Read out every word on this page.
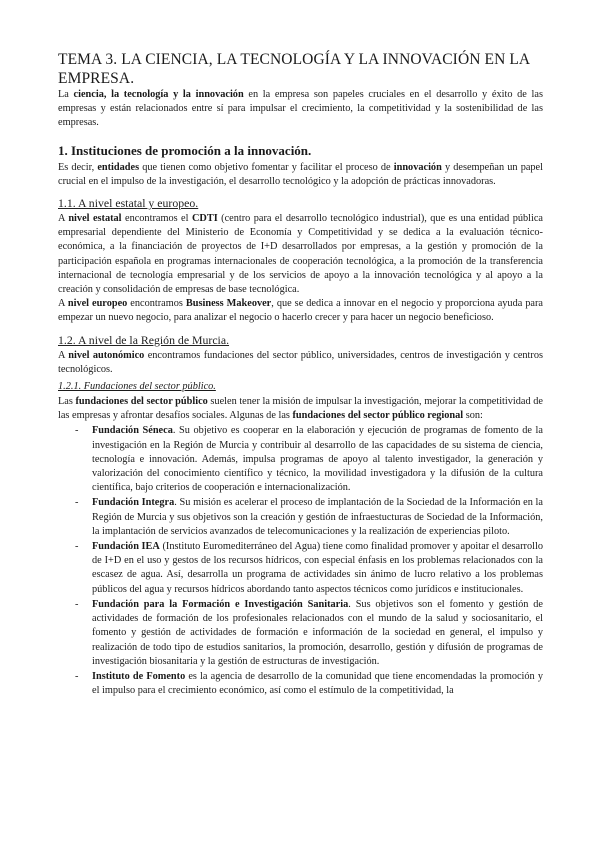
TEMA 3. LA CIENCIA, LA TECNOLOGÍA Y LA INNOVACIÓN EN LA EMPRESA.

La ciencia, la tecnología y la innovación en la empresa son papeles cruciales en el desarrollo y éxito de las empresas y están relacionados entre sí para impulsar el crecimiento, la competitividad y la sostenibilidad de las empresas.

1. Instituciones de promoción a la innovación.

Es decir, entidades que tienen como objetivo fomentar y facilitar el proceso de innovación y desempeñan un papel crucial en el impulso de la investigación, el desarrollo tecnológico y la adopción de prácticas innovadoras.

1.1. A nivel estatal y europeo.

A nivel estatal encontramos el CDTI (centro para el desarrollo tecnológico industrial), que es una entidad pública empresarial dependiente del Ministerio de Economía y Competitividad y se dedica a la evaluación técnico-económica, a la financiación de proyectos de I+D desarrollados por empresas, a la gestión y promoción de la participación española en programas internacionales de cooperación tecnológica, a la promoción de la transferencia internacional de tecnología empresarial y de los servicios de apoyo a la innovación tecnológica y al apoyo a la creación y consolidación de empresas de base tecnológica.

A nivel europeo encontramos Business Makeover, que se dedica a innovar en el negocio y proporciona ayuda para empezar un nuevo negocio, para analizar el negocio o hacerlo crecer y para hacer un negocio beneficioso.

1.2. A nivel de la Región de Murcia.

A nivel autonómico encontramos fundaciones del sector público, universidades, centros de investigación y centros tecnológicos.

1.2.1. Fundaciones del sector público.

Las fundaciones del sector público suelen tener la misión de impulsar la investigación, mejorar la competitividad de las empresas y afrontar desafíos sociales. Algunas de las fundaciones del sector público regional son:

- Fundación Séneca. Su objetivo es cooperar en la elaboración y ejecución de programas de fomento de la investigación en la Región de Murcia y contribuir al desarrollo de las capacidades de su sistema de ciencia, tecnología e innovación. Además, impulsa programas de apoyo al talento investigador, la generación y valorización del conocimiento científico y técnico, la movilidad investigadora y la difusión de la cultura científica, bajo criterios de cooperación e internacionalización.
- Fundación Integra. Su misión es acelerar el proceso de implantación de la Sociedad de la Información en la Región de Murcia y sus objetivos son la creación y gestión de infraestucturas de Sociedad de la Información, la implantación de servicios avanzados de telecomunicaciones y la realización de experiencias piloto.
- Fundación IEA (Instituto Euromediterráneo del Agua) tiene como finalidad promover y apoitar el desarrollo de I+D en el uso y gestos de los recursos hídricos, con especial énfasis en los problemas relacionados con la escasez de agua. Así, desarrolla un programa de actividades sin ánimo de lucro relativo a los problemas públicos del agua y recursos hídricos abordando tanto aspectos técnicos como jurídicos e institucionales.
- Fundación para la Formación e Investigación Sanitaria. Sus objetivos son el fomento y gestión de actividades de formación de los profesionales relacionados con el mundo de la salud y sociosanitario, el fomento y gestión de actividades de formación e información de la sociedad en general, el impulso y realización de todo tipo de estudios sanitarios, la promoción, desarrollo, gestión y difusión de programas de investigación biosanitaria y la gestión de estructuras de investigación.
- Instituto de Fomento es la agencia de desarrollo de la comunidad que tiene encomendadas la promoción y el impulso para el crecimiento económico, así como el estímulo de la competitividad, la
